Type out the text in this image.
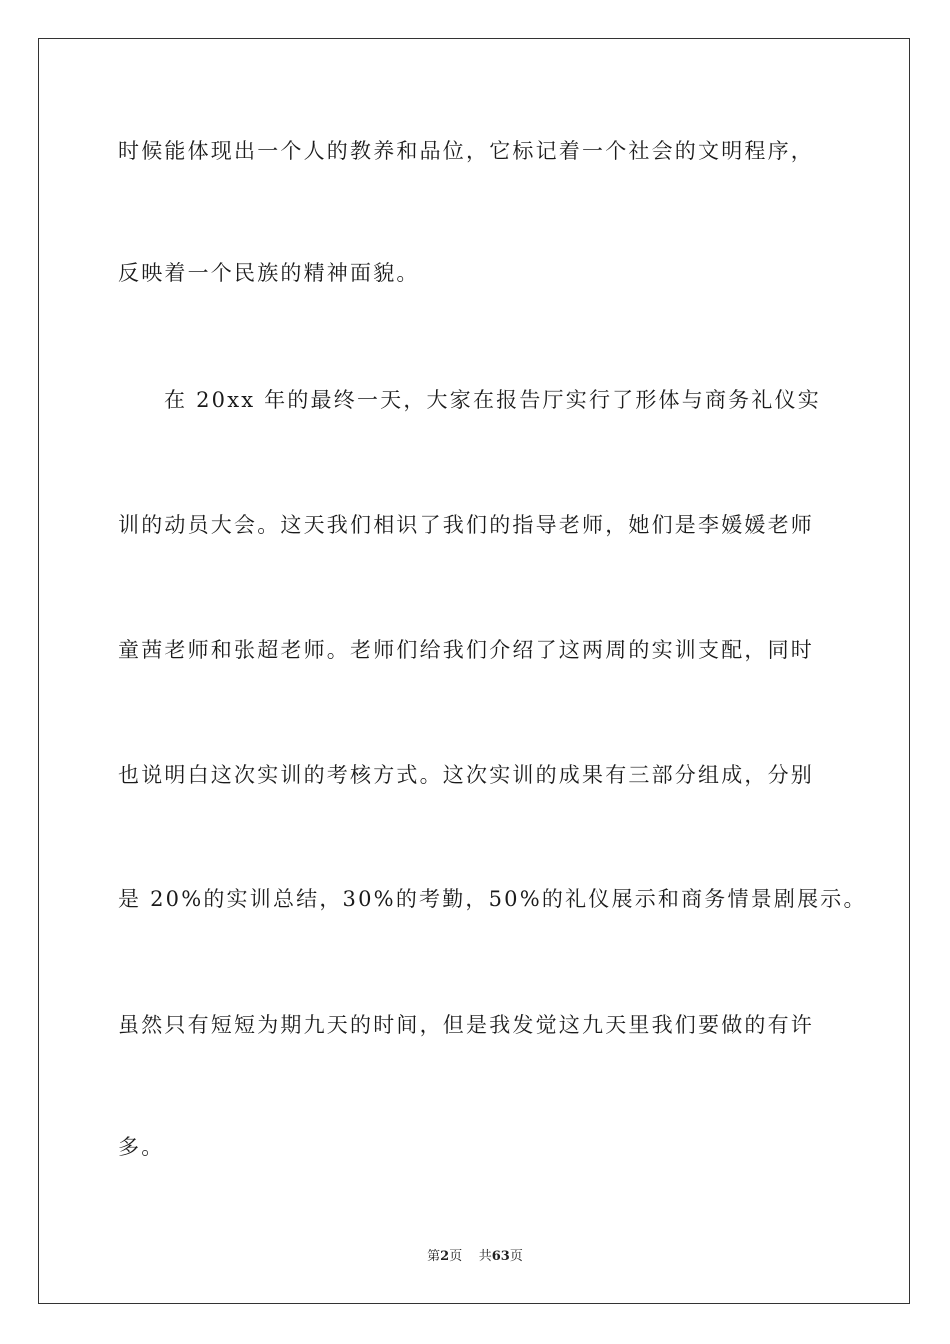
时候能体现出一个人的教养和品位，它标记着一个社会的文明程序，
反映着一个民族的精神面貌。
在 20xx 年的最终一天，大家在报告厅实行了形体与商务礼仪实
训的动员大会。这天我们相识了我们的指导老师，她们是李媛媛老师
童茜老师和张超老师。老师们给我们介绍了这两周的实训支配，同时
也说明白这次实训的考核方式。这次实训的成果有三部分组成，分别
是 20%的实训总结，30%的考勤，50%的礼仪展示和商务情景剧展示。
虽然只有短短为期九天的时间，但是我发觉这九天里我们要做的有许
多。
第2页 共63页
